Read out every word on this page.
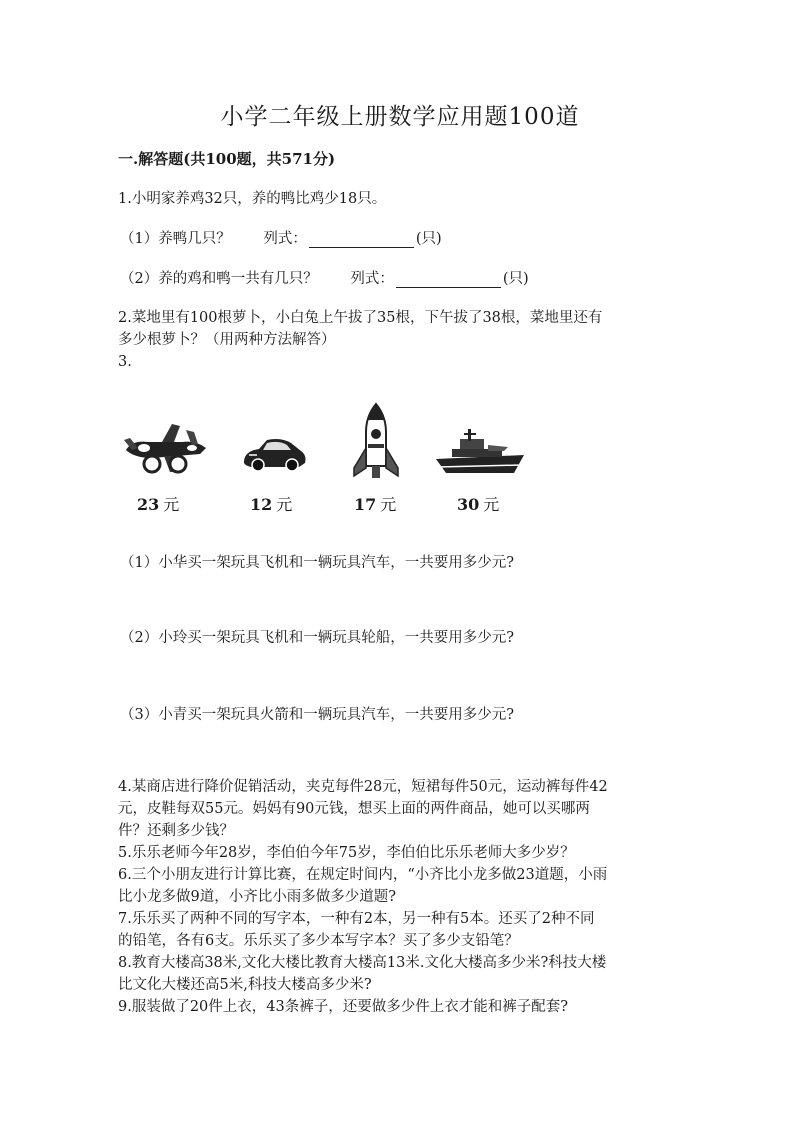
小学二年级上册数学应用题100道
一.解答题(共100题，共571分)
1.小明家养鸡32只，养的鸭比鸡少18只。
（1）养鸭几只？ 列式：	(只)
（2）养的鸡和鸭一共有几只？ 列式：	(只)
2.菜地里有100根萝卜，小白兔上午拔了35根，下午拔了38根，菜地里还有
多少根萝卜？（用两种方法解答）
3.
23 元	12 元	17 元	30 元
（1）小华买一架玩具飞机和一辆玩具汽车，一共要用多少元?
（2）小玲买一架玩具飞机和一辆玩具轮船，一共要用多少元?
（3）小青买一架玩具火箭和一辆玩具汽车，一共要用多少元?
4.某商店进行降价促销活动，夹克每件28元，短裙每件50元，运动裤每件42
元，皮鞋每双55元。妈妈有90元钱，想买上面的两件商品，她可以买哪两
件？还剩多少钱？
5.乐乐老师今年28岁，李伯伯今年75岁，李伯伯比乐乐老师大多少岁？
6.三个小朋友进行计算比赛，在规定时间内，“小齐比小龙多做23道题，小雨
比小龙多做9道，小齐比小雨多做多少道题?
7.乐乐买了两种不同的写字本，一种有2本，另一种有5本。还买了2种不同
的铅笔，各有6支。乐乐买了多少本写字本？买了多少支铅笔？
8.教育大楼高38米,文化大楼比教育大楼高13米.文化大楼高多少米?科技大楼
比文化大楼还高5米,科技大楼高多少米?
9.服装做了20件上衣，43条裤子，还要做多少件上衣才能和裤子配套?
